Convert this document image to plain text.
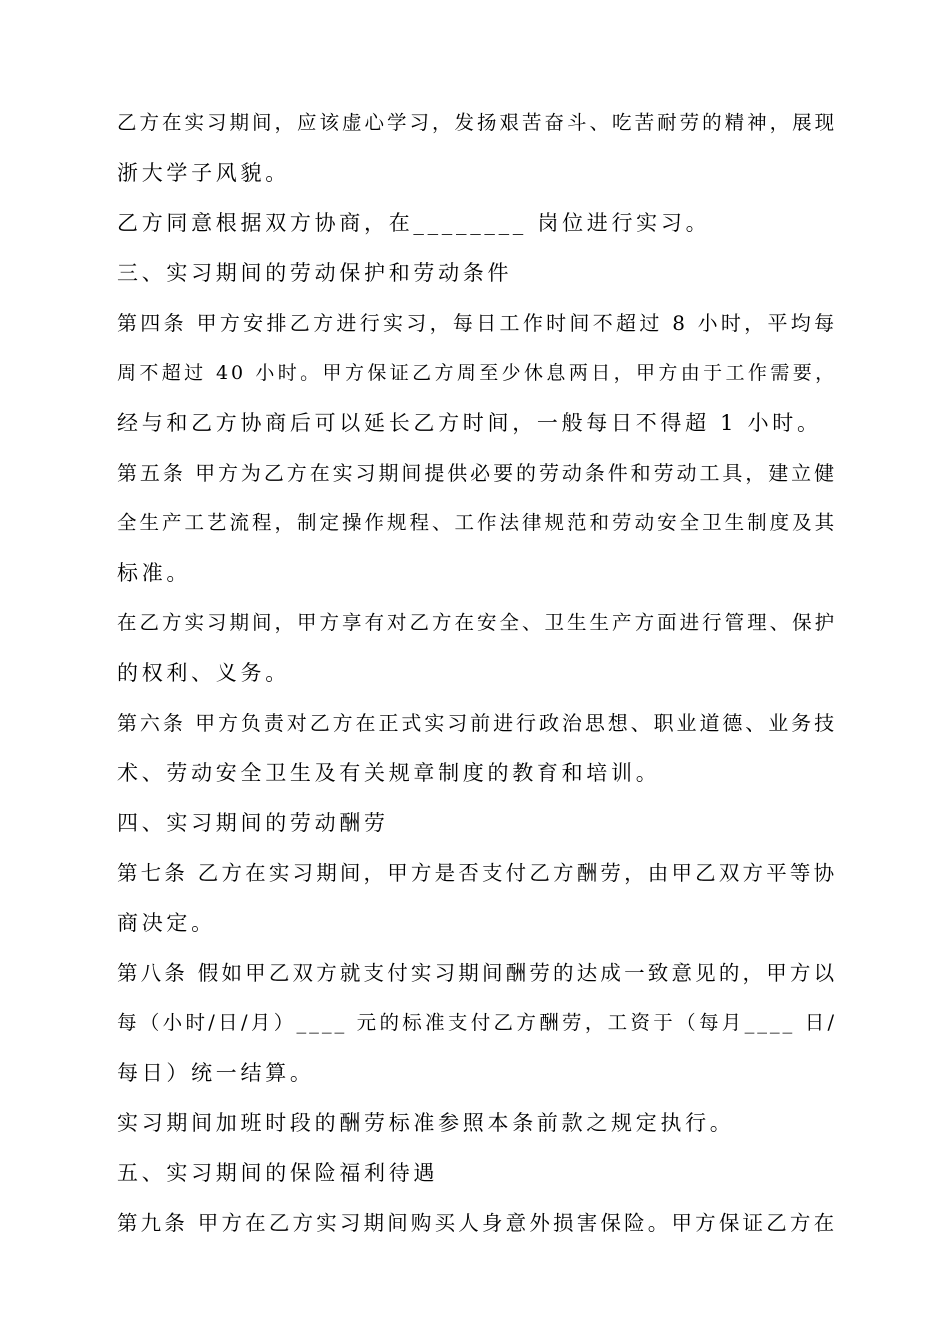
乙方在实习期间，应该虚心学习，发扬艰苦奋斗、吃苦耐劳的精神，展现
浙大学子风貌。
乙方同意根据双方协商，在________ 岗位进行实习。
三、实习期间的劳动保护和劳动条件
第四条 甲方安排乙方进行实习，每日工作时间不超过 8 小时，平均每
周不超过 40 小时。甲方保证乙方周至少休息两日，甲方由于工作需要，
经与和乙方协商后可以延长乙方时间，一般每日不得超 1 小时。
第五条 甲方为乙方在实习期间提供必要的劳动条件和劳动工具，建立健
全生产工艺流程，制定操作规程、工作法律规范和劳动安全卫生制度及其
标准。
在乙方实习期间，甲方享有对乙方在安全、卫生生产方面进行管理、保护
的权利、义务。
第六条 甲方负责对乙方在正式实习前进行政治思想、职业道德、业务技
术、劳动安全卫生及有关规章制度的教育和培训。
四、实习期间的劳动酬劳
第七条 乙方在实习期间，甲方是否支付乙方酬劳，由甲乙双方平等协
商决定。
第八条 假如甲乙双方就支付实习期间酬劳的达成一致意见的，甲方以
每（小时/日/月）____ 元的标准支付乙方酬劳，工资于（每月____ 日/
每日）统一结算。
实习期间加班时段的酬劳标准参照本条前款之规定执行。
五、实习期间的保险福利待遇
第九条 甲方在乙方实习期间购买人身意外损害保险。甲方保证乙方在
